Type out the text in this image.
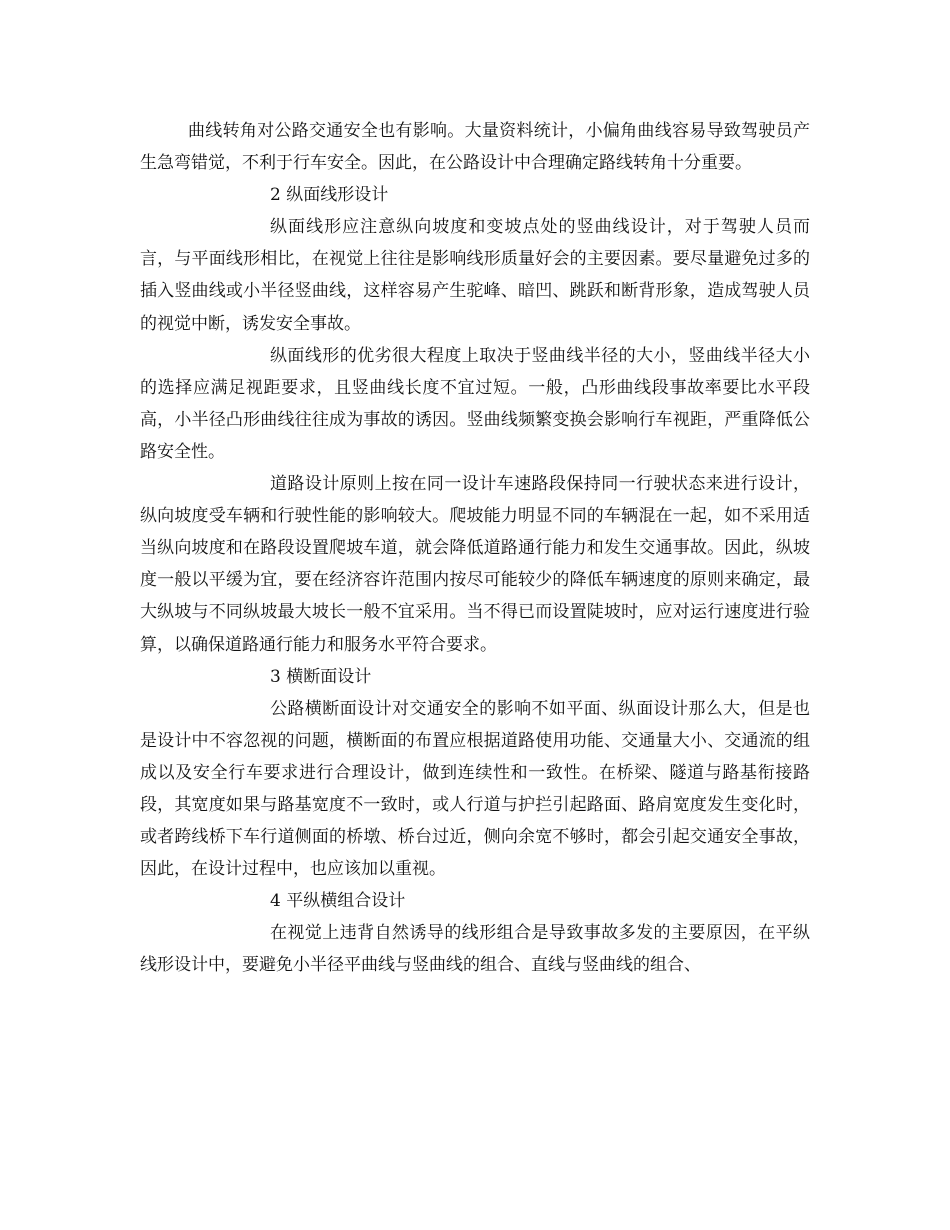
曲线转角对公路交通安全也有影响。大量资料统计，小偏角曲线容易导致驾驶员产生急弯错觉，不利于行车安全。因此，在公路设计中合理确定路线转角十分重要。

2 纵面线形设计

纵面线形应注意纵向坡度和变坡点处的竖曲线设计，对于驾驶人员而言，与平面线形相比，在视觉上往往是影响线形质量好会的主要因素。要尽量避免过多的插入竖曲线或小半径竖曲线，这样容易产生驼峰、暗凹、跳跃和断背形象，造成驾驶人员的视觉中断，诱发安全事故。

纵面线形的优劣很大程度上取决于竖曲线半径的大小，竖曲线半径大小的选择应满足视距要求，且竖曲线长度不宜过短。一般，凸形曲线段事故率要比水平段高，小半径凸形曲线往往成为事故的诱因。竖曲线频繁变换会影响行车视距，严重降低公路安全性。

道路设计原则上按在同一设计车速路段保持同一行驶状态来进行设计，纵向坡度受车辆和行驶性能的影响较大。爬坡能力明显不同的车辆混在一起，如不采用适当纵向坡度和在路段设置爬坡车道，就会降低道路通行能力和发生交通事故。因此，纵坡度一般以平缓为宜，要在经济容许范围内按尽可能较少的降低车辆速度的原则来确定，最大纵坡与不同纵坡最大坡长一般不宜采用。当不得已而设置陡坡时，应对运行速度进行验算，以确保道路通行能力和服务水平符合要求。

3 横断面设计

公路横断面设计对交通安全的影响不如平面、纵面设计那么大，但是也是设计中不容忽视的问题，横断面的布置应根据道路使用功能、交通量大小、交通流的组成以及安全行车要求进行合理设计，做到连续性和一致性。在桥梁、隧道与路基衔接路段，其宽度如果与路基宽度不一致时，或人行道与护拦引起路面、路肩宽度发生变化时，或者跨线桥下车行道侧面的桥墩、桥台过近，侧向余宽不够时，都会引起交通安全事故，因此，在设计过程中，也应该加以重视。

4 平纵横组合设计

在视觉上违背自然诱导的线形组合是导致事故多发的主要原因，在平纵线形设计中，要避免小半径平曲线与竖曲线的组合、直线与竖曲线的组合、
